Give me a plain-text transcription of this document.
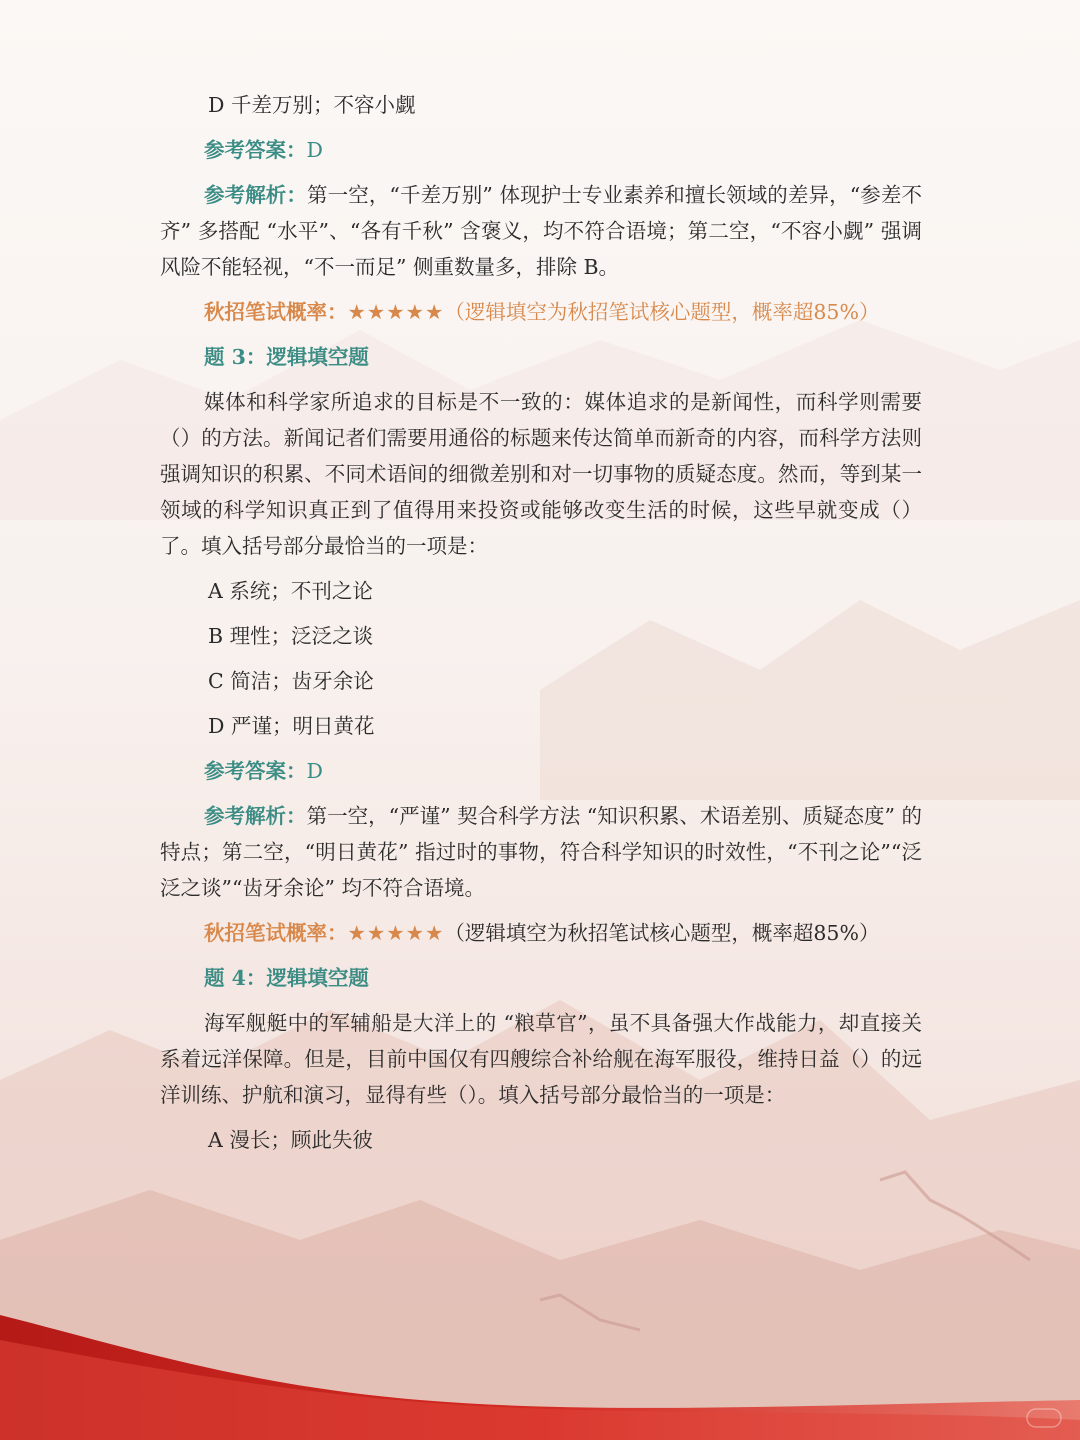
D 千差万别；不容小觑
参考答案：D
参考解析：第一空，“千差万别” 体现护士专业素养和擅长领域的差异，“参差不齐” 多搭配 “水平”、“各有千秋” 含褒义，均不符合语境；第二空，“不容小觑” 强调风险不能轻视，“不一而足” 侧重数量多，排除 B。
秋招笔试概率：★★★★★（逻辑填空为秋招笔试核心题型，概率超85%）
题 3：逻辑填空题
媒体和科学家所追求的目标是不一致的：媒体追求的是新闻性，而科学则需要（）的方法。新闻记者们需要用通俗的标题来传达简单而新奇的内容，而科学方法则强调知识的积累、不同术语间的细微差别和对一切事物的质疑态度。然而，等到某一领域的科学知识真正到了值得用来投资或能够改变生活的时候，这些早就变成（）了。填入括号部分最恰当的一项是：
A 系统；不刊之论
B 理性；泛泛之谈
C 简洁；齿牙余论
D 严谨；明日黄花
参考答案：D
参考解析：第一空，“严谨” 契合科学方法 “知识积累、术语差别、质疑态度” 的特点；第二空，“明日黄花” 指过时的事物，符合科学知识的时效性，“不刊之论”“泛泛之谈”“齿牙余论” 均不符合语境。
秋招笔试概率：★★★★★（逻辑填空为秋招笔试核心题型，概率超85%）
题 4：逻辑填空题
海军舰艇中的军辅船是大洋上的 “粮草官”，虽不具备强大作战能力，却直接关系着远洋保障。但是，目前中国仅有四艘综合补给舰在海军服役，维持日益（）的远洋训练、护航和演习，显得有些（）。填入括号部分最恰当的一项是：
A 漫长；顾此失彼
